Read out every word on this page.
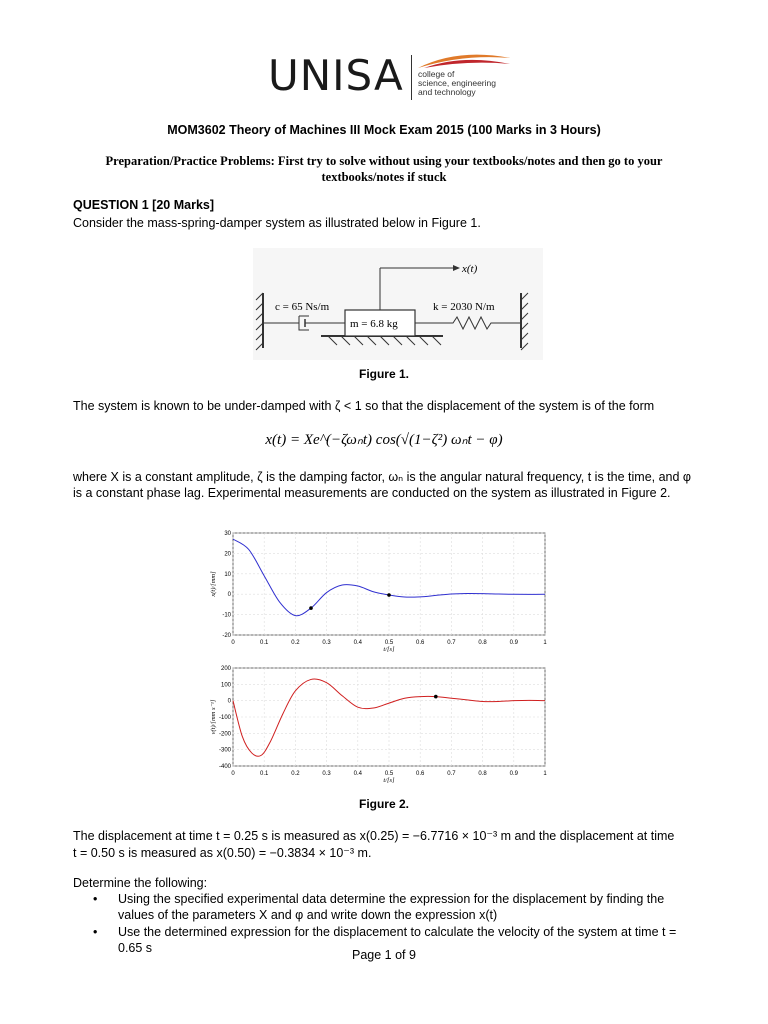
UNISA college of
science, engineering
and technology
MOM3602 Theory of Machines III Mock Exam 2015 (100 Marks in 3 Hours)
Preparation/Practice Problems: First try to solve without using your textbooks/notes and then go to your textbooks/notes if stuck
QUESTION 1 [20 Marks]
Consider the mass-spring-damper system as illustrated below in Figure 1.
x(t)
c = 65 Ns/m
m = 6.8 kg
k = 2030 N/m
Figure 1.
The system is known to be under-damped with ζ < 1 so that the displacement of the system is of the form
x(t) = Xe^(−ζωₙt) cos(√(1−ζ²) ωₙt − φ)
where X is a constant amplitude, ζ is the damping factor, ωₙ is the angular natural frequency, t is the time, and φ is a constant phase lag. Experimental measurements are conducted on the system as illustrated in Figure 2.
0	0.1	0.2	0.3	0.4	0.5	0.6	0.7	0.8	0.9	1
-20
-10
0
10
20
30
t/[s]
x(t)/[mm]
0	0.1	0.2	0.3	0.4	0.5	0.6	0.7	0.8	0.9	1
-400
-300
-200
-100
0
100
200
t/[s]
v(t)/[mm s⁻¹]
Figure 2.
The displacement at time t = 0.25 s is measured as x(0.25) = −6.7716 × 10⁻³ m and the displacement at time
t = 0.50 s is measured as x(0.50) = −0.3834 × 10⁻³ m.
Determine the following:
• Using the specified experimental data determine the expression for the displacement by finding the values of the parameters X and φ and write down the expression x(t)
• Use the determined expression for the displacement to calculate the velocity of the system at time t = 0.65 s	Page 1 of 9
